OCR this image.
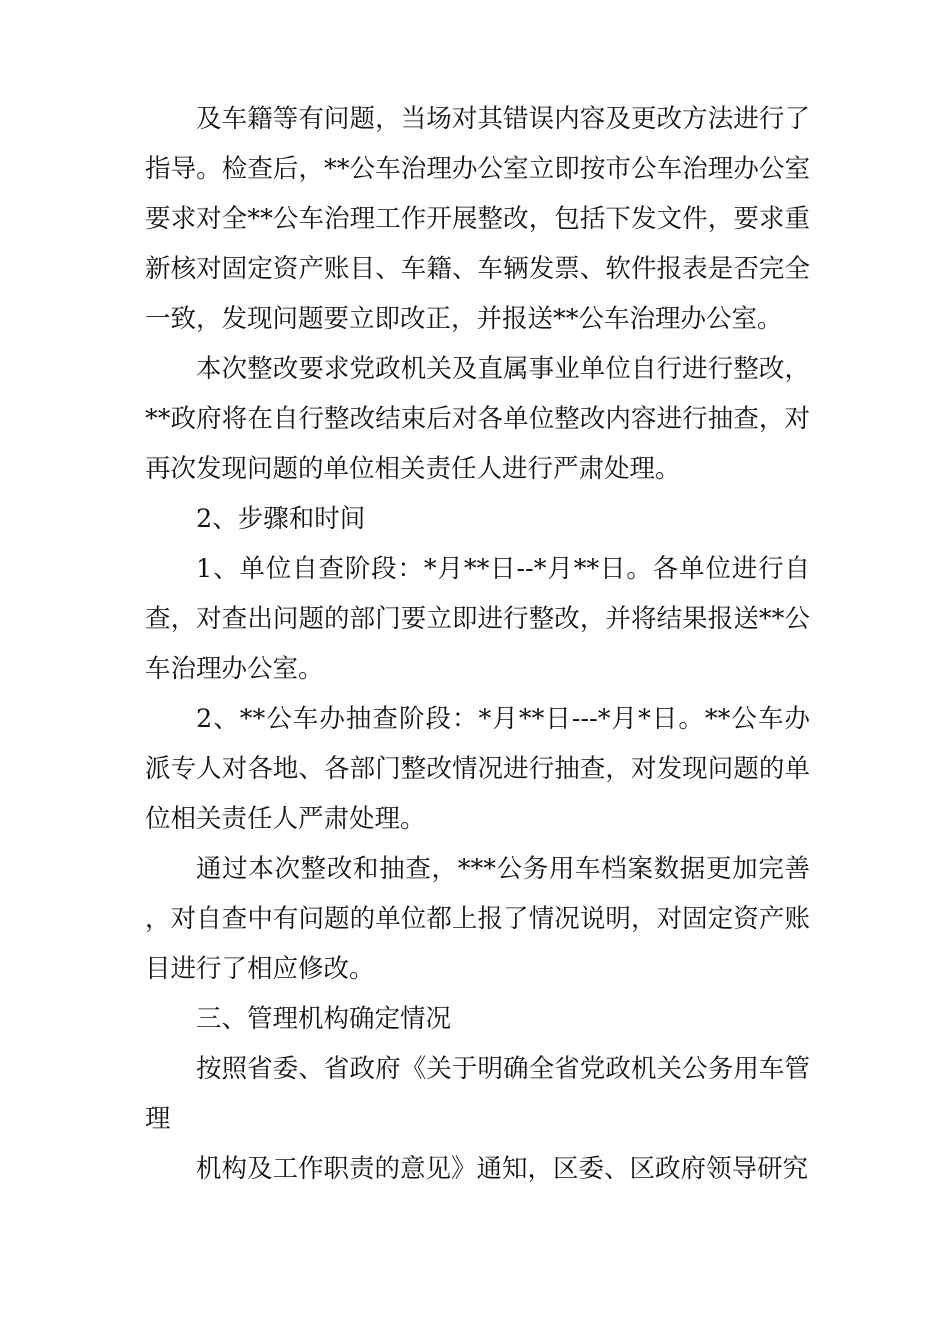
及车籍等有问题，当场对其错误内容及更改方法进行了指导。检查后，**公车治理办公室立即按市公车治理办公室要求对全**公车治理工作开展整改，包括下发文件，要求重新核对固定资产账目、车籍、车辆发票、软件报表是否完全一致，发现问题要立即改正，并报送**公车治理办公室。

本次整改要求党政机关及直属事业单位自行进行整改，**政府将在自行整改结束后对各单位整改内容进行抽查，对再次发现问题的单位相关责任人进行严肃处理。

2、步骤和时间

1、单位自查阶段：*月**日--*月**日。各单位进行自查，对查出问题的部门要立即进行整改，并将结果报送**公车治理办公室。

2、**公车办抽查阶段：*月**日---*月*日。**公车办派专人对各地、各部门整改情况进行抽查，对发现问题的单位相关责任人严肃处理。

通过本次整改和抽查，***公务用车档案数据更加完善，对自查中有问题的单位都上报了情况说明，对固定资产账目进行了相应修改。

三、管理机构确定情况

按照省委、省政府《关于明确全省党政机关公务用车管理

机构及工作职责的意见》通知，区委、区政府领导研究
